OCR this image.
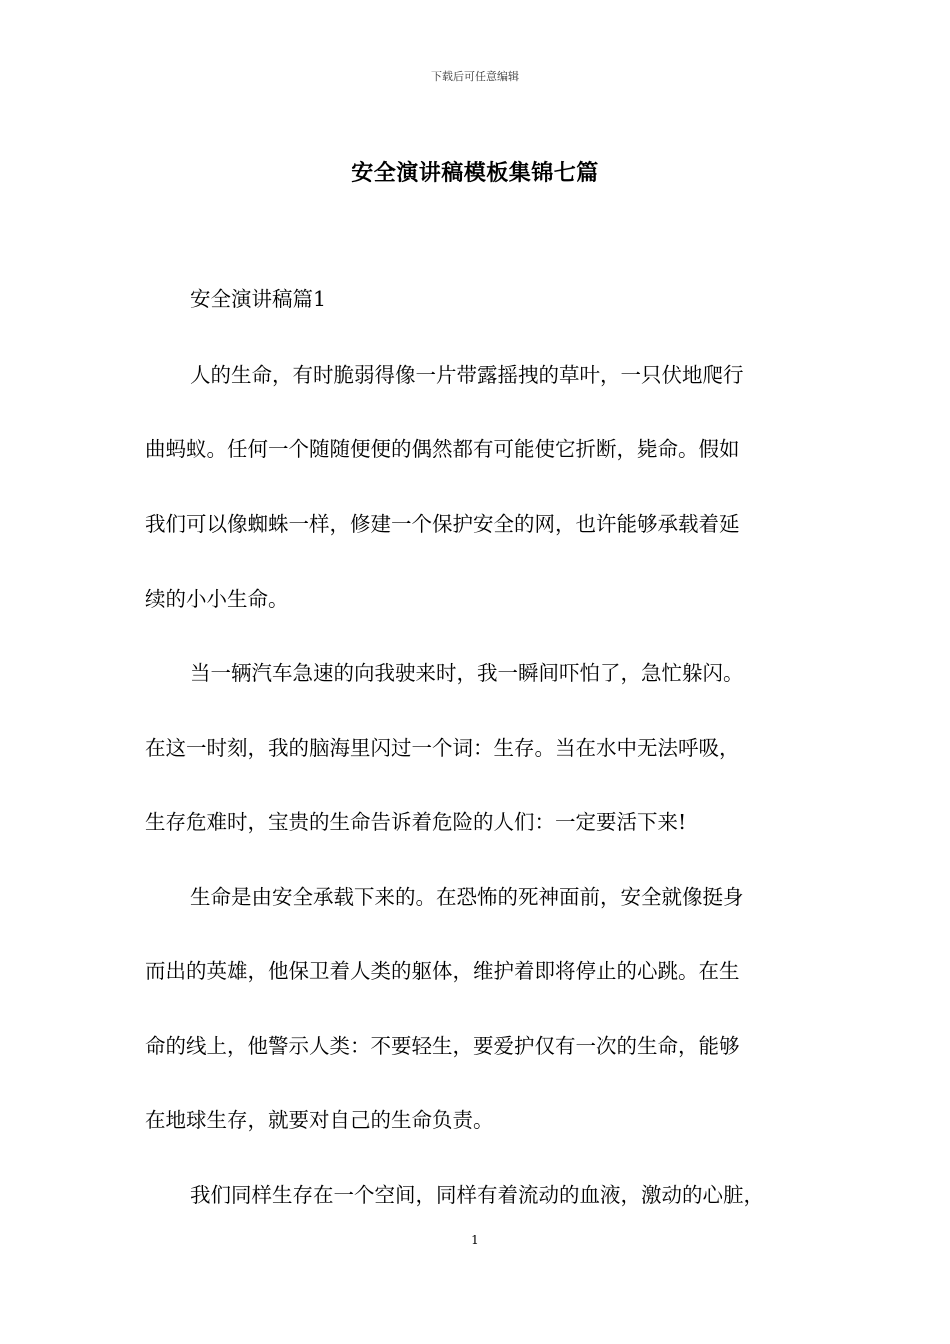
下载后可任意编辑
安全演讲稿模板集锦七篇
安全演讲稿篇1
人的生命，有时脆弱得像一片带露摇拽的草叶，一只伏地爬行
曲蚂蚁。任何一个随随便便的偶然都有可能使它折断，毙命。假如
我们可以像蜘蛛一样，修建一个保护安全的网，也许能够承载着延
续的小小生命。
当一辆汽车急速的向我驶来时，我一瞬间吓怕了，急忙躲闪。
在这一时刻，我的脑海里闪过一个词：生存。当在水中无法呼吸，
生存危难时，宝贵的生命告诉着危险的人们：一定要活下来!
生命是由安全承载下来的。在恐怖的死神面前，安全就像挺身
而出的英雄，他保卫着人类的躯体，维护着即将停止的心跳。在生
命的线上，他警示人类：不要轻生，要爱护仅有一次的生命，能够
在地球生存，就要对自己的生命负责。
我们同样生存在一个空间，同样有着流动的血液，激动的心脏，
1
